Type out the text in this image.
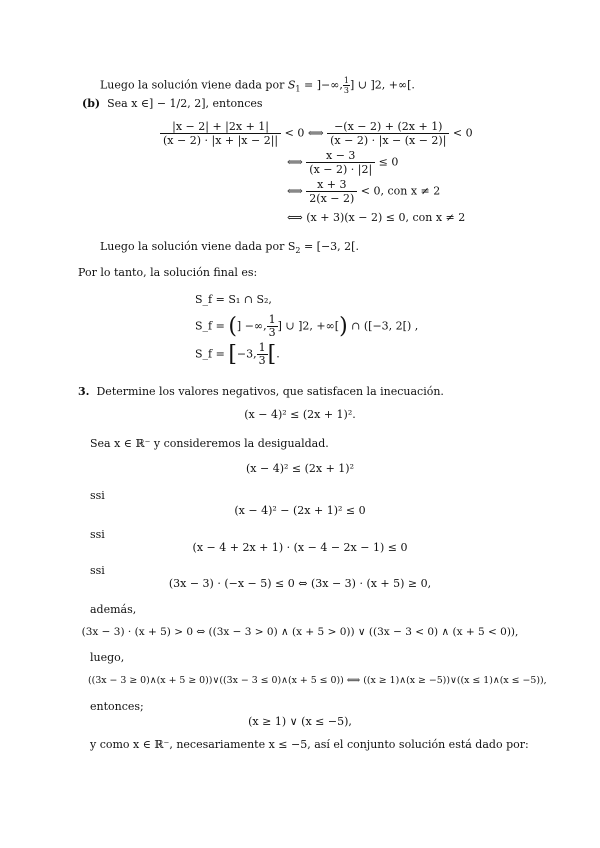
Luego la solución viene dada por $S_1$ = ]−∞, $\frac{1}{3}$ ] ∪ ]2, +∞[.
(b) Sea x ∈] − 1/2, 2], entonces
$\frac{|x - 2| + |2x + 1|}{(x - 2) \cdot |x + |x - 2||} < 0$ ⟺ $\frac{-(x - 2) + (2x + 1)}{(x - 2) \cdot |x - (x - 2)|} < 0$
⟺ $\frac{x - 3}{(x - 2) \cdot |2|} \le 0$
⟺ $\frac{x + 3}{2(x - 2)} < 0$, con x ≠ 2
⟺ (x + 3)(x − 2) ≤ 0, con x ≠ 2
Luego la solución viene dada por $S_2 = [-3$, 2[.
Por lo tanto, la solución final es:
S_f = S₁ ∩ S₂,
S_f = (] −∞, $\frac{1}{3}$ ] ∪ ]2, +∞[) ∩ ([−3, 2[) ,
S_f = [−3, $\frac{1}{3}$ [.
3. Determine los valores negativos, que satisfacen la inecuación.
(x − 4)² ≤ (2x + 1)².
Sea x ∈ ℝ⁻ y consideremos la desigualdad.
(x − 4)² ≤ (2x + 1)²
ssi
(x − 4)² − (2x + 1)² ≤ 0
ssi
(x − 4 + 2x + 1) · (x − 4 − 2x − 1) ≤ 0
ssi
(3x − 3) · (−x − 5) ≤ 0 ⇔ (3x − 3) · (x + 5) ≥ 0,
además,
(3x − 3) · (x + 5) > 0 ⇔ ((3x − 3 > 0) ∧ (x + 5 > 0)) ∨ ((3x − 3 < 0) ∧ (x + 5 < 0)),
luego,
((3x − 3 ≥ 0)∧(x + 5 ≥ 0))∨((3x − 3 ≤ 0)∧(x + 5 ≤ 0)) ⟺ ((x ≥ 1)∧(x ≥ −5))∨((x ≤ 1)∧(x ≤ −5)),
entonces;
(x ≥ 1) ∨ (x ≤ −5),
y como x ∈ ℝ⁻, necesariamente x ≤ −5, así el conjunto solución está dado por:
